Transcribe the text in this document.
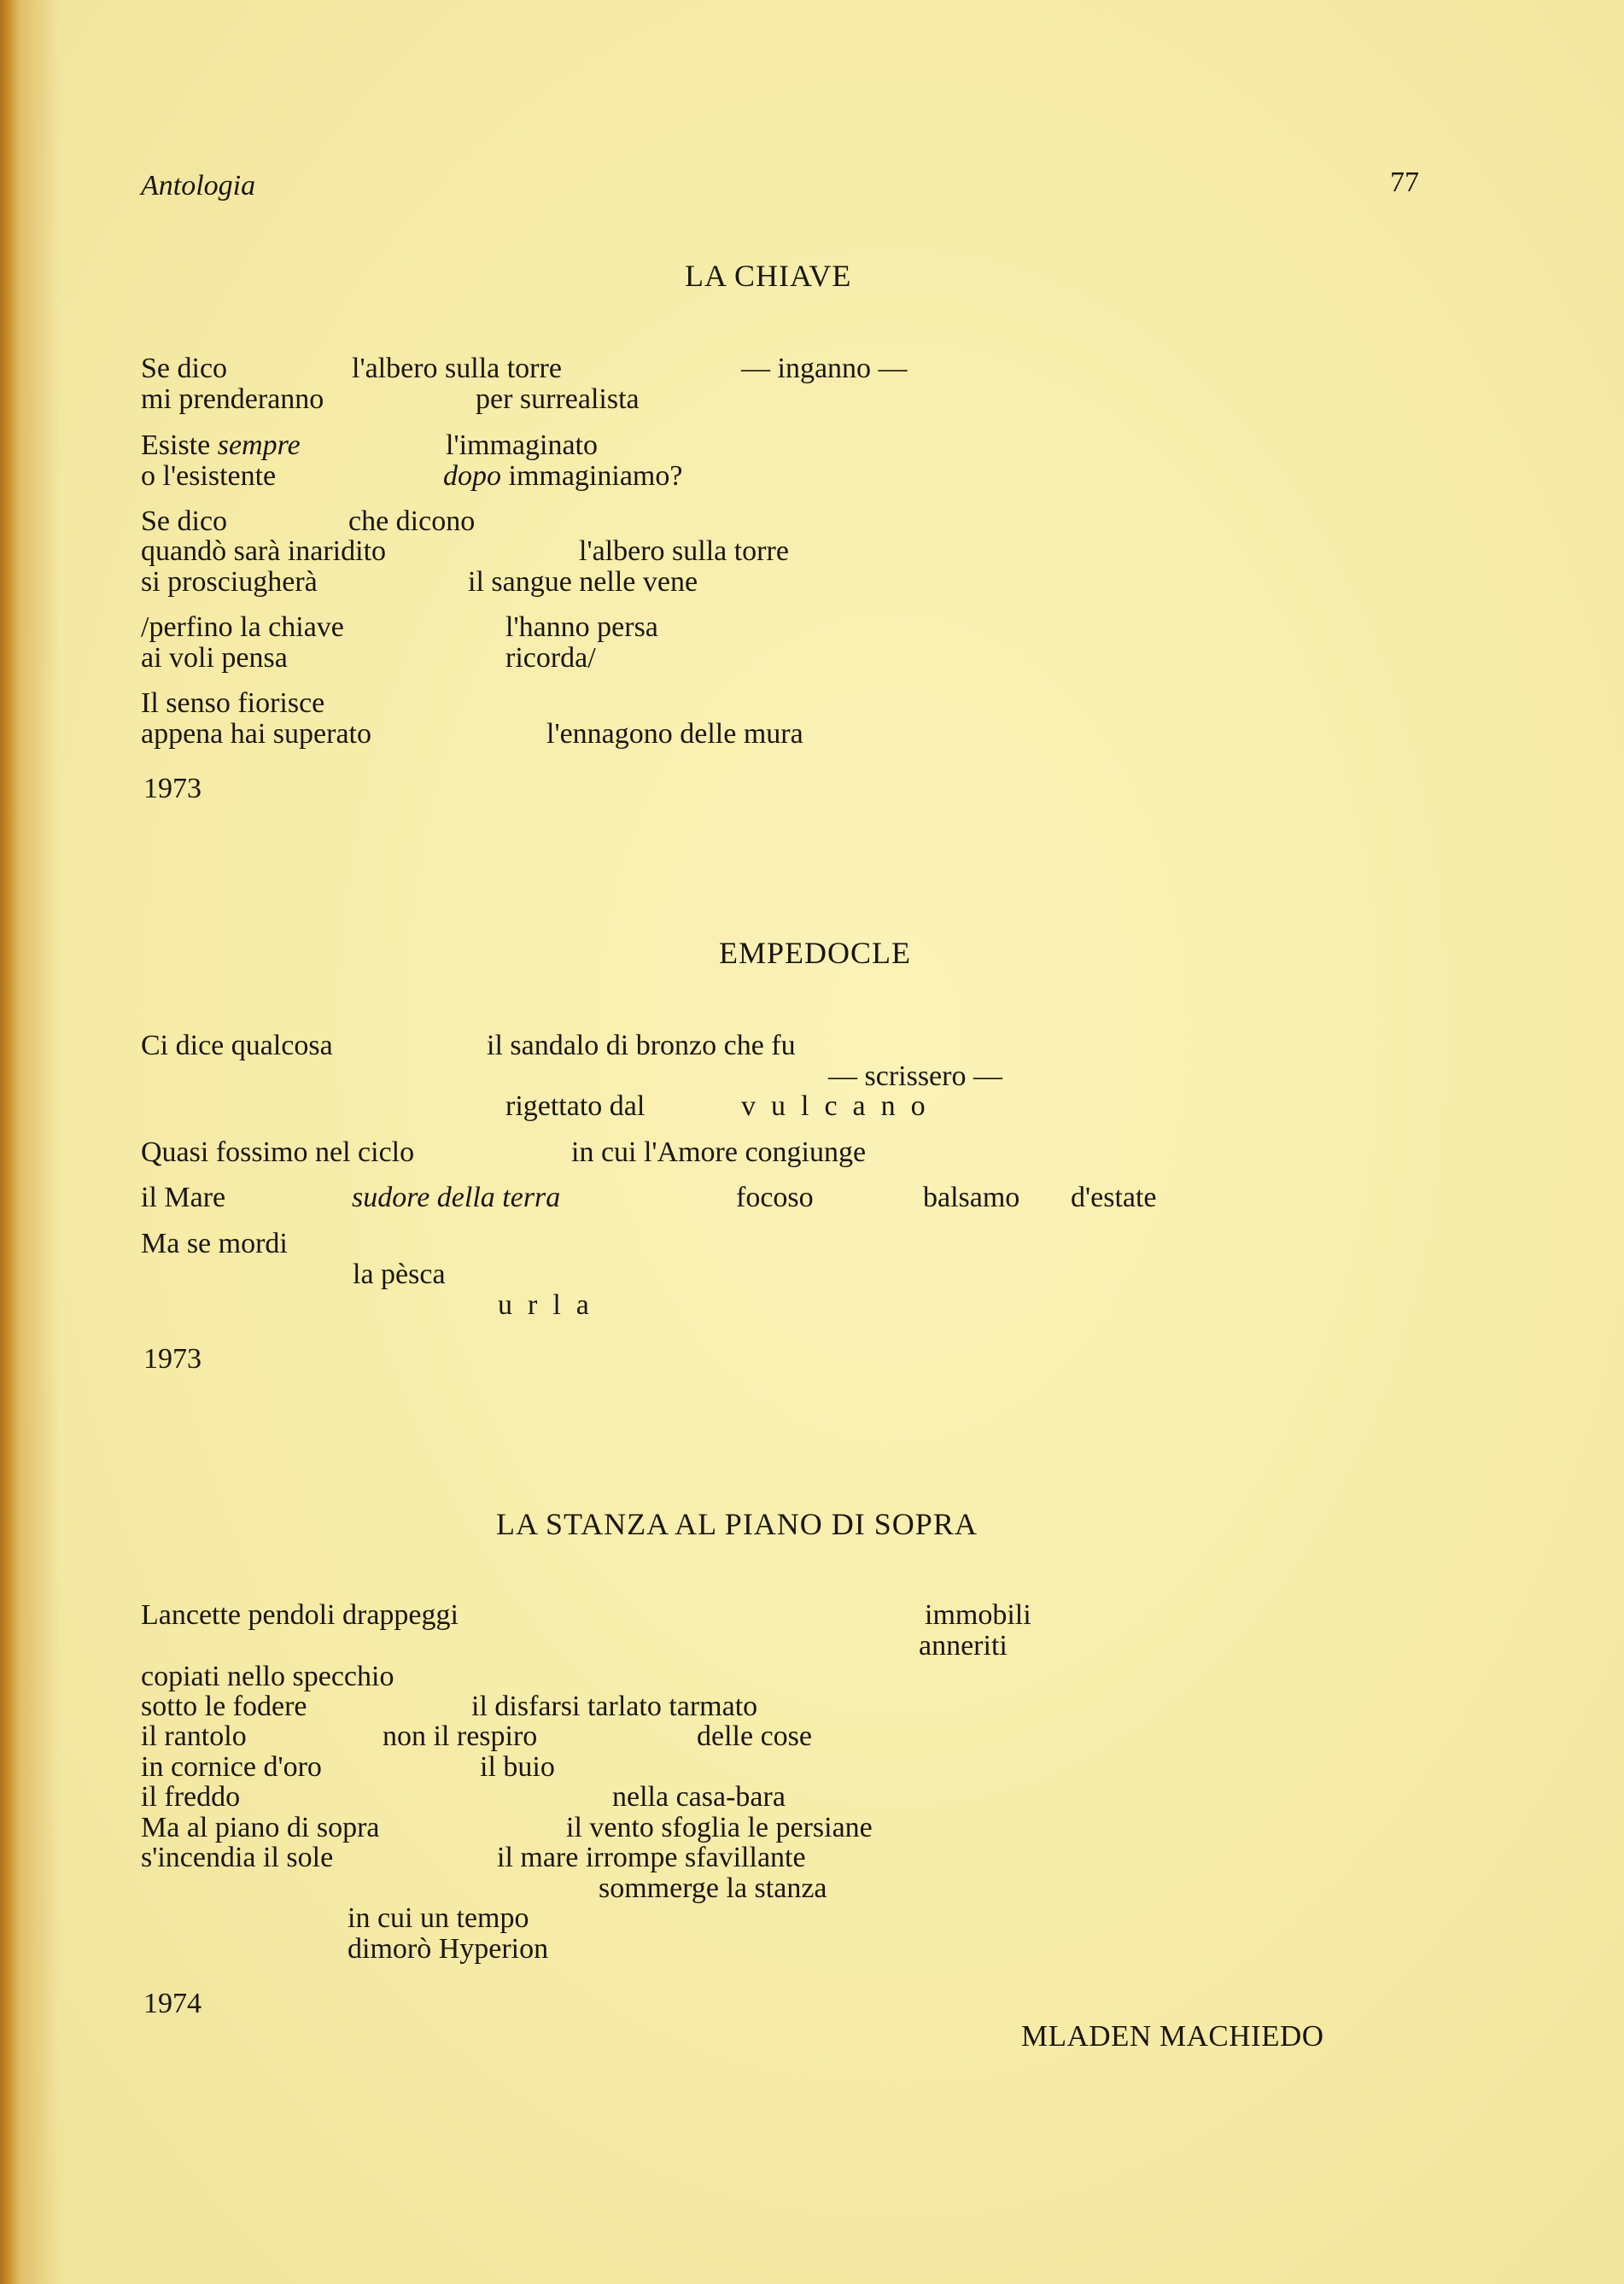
Antologia	77
LA CHIAVE
Se dico	l'albero sulla torre	— inganno —
mi prenderanno	per surrealista
Esiste sempre	l'immaginato
o l'esistente	dopo immaginiamo?
Se dico	che dicono
quandò sarà inaridito	l'albero sulla torre
si prosciugherà	il sangue nelle vene
/perfino la chiave	l'hanno persa
ai voli pensa	ricorda/
Il senso fiorisce
appena hai superato	l'ennagono delle mura
1973
EMPEDOCLE
Ci dice qualcosa	il sandalo di bronzo che fu
— scrissero —
rigettato dal	vulcano
Quasi fossimo nel ciclo	in cui l'Amore congiunge
il Mare	sudore della terra	focoso	balsamo d'estate
Ma se mordi
la pèsca
urla
1973
LA STANZA AL PIANO DI SOPRA
Lancette pendoli drappeggi	immobili
anneriti
copiati nello specchio
sotto le fodere	il disfarsi tarlato tarmato
il rantolo	non il respiro	delle cose
in cornice d'oro	il buio
il freddo	nella casa-bara
Ma al piano di sopra	il vento sfoglia le persiane
s'incendia il sole	il mare irrompe sfavillante
sommerge la stanza
in cui un tempo
dimorò Hyperion
1974
MLADEN MACHIEDO
